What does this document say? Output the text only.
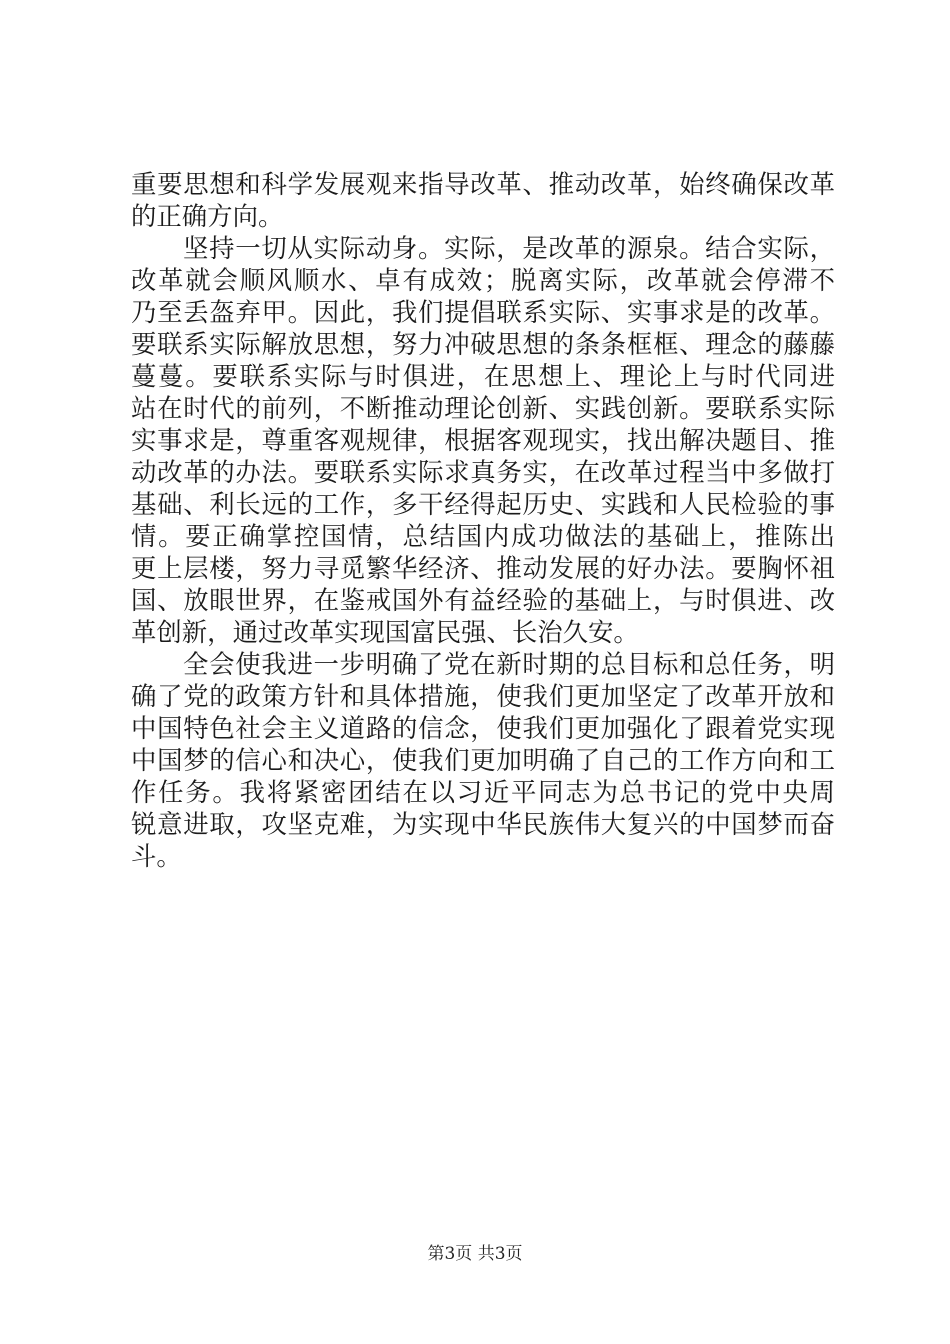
重要思想和科学发展观来指导改革、推动改革，始终确保改革
的正确方向。
坚持一切从实际动身。实际，是改革的源泉。结合实际，
改革就会顺风顺水、卓有成效；脱离实际，改革就会停滞不
乃至丢盔弃甲。因此，我们提倡联系实际、实事求是的改革。
要联系实际解放思想，努力冲破思想的条条框框、理念的藤藤
蔓蔓。要联系实际与时俱进，在思想上、理论上与时代同进
站在时代的前列，不断推动理论创新、实践创新。要联系实际
实事求是，尊重客观规律，根据客观现实，找出解决题目、推
动改革的办法。要联系实际求真务实，在改革过程当中多做打
基础、利长远的工作，多干经得起历史、实践和人民检验的事
情。要正确掌控国情，总结国内成功做法的基础上，推陈出
更上层楼，努力寻觅繁华经济、推动发展的好办法。要胸怀祖
国、放眼世界，在鉴戒国外有益经验的基础上，与时俱进、改
革创新，通过改革实现国富民强、长治久安。
全会使我进一步明确了党在新时期的总目标和总任务，明
确了党的政策方针和具体措施，使我们更加坚定了改革开放和
中国特色社会主义道路的信念，使我们更加强化了跟着党实现
中国梦的信心和决心，使我们更加明确了自己的工作方向和工
作任务。我将紧密团结在以习近平同志为总书记的党中央周
锐意进取，攻坚克难，为实现中华民族伟大复兴的中国梦而奋
斗。
第3页 共3页
